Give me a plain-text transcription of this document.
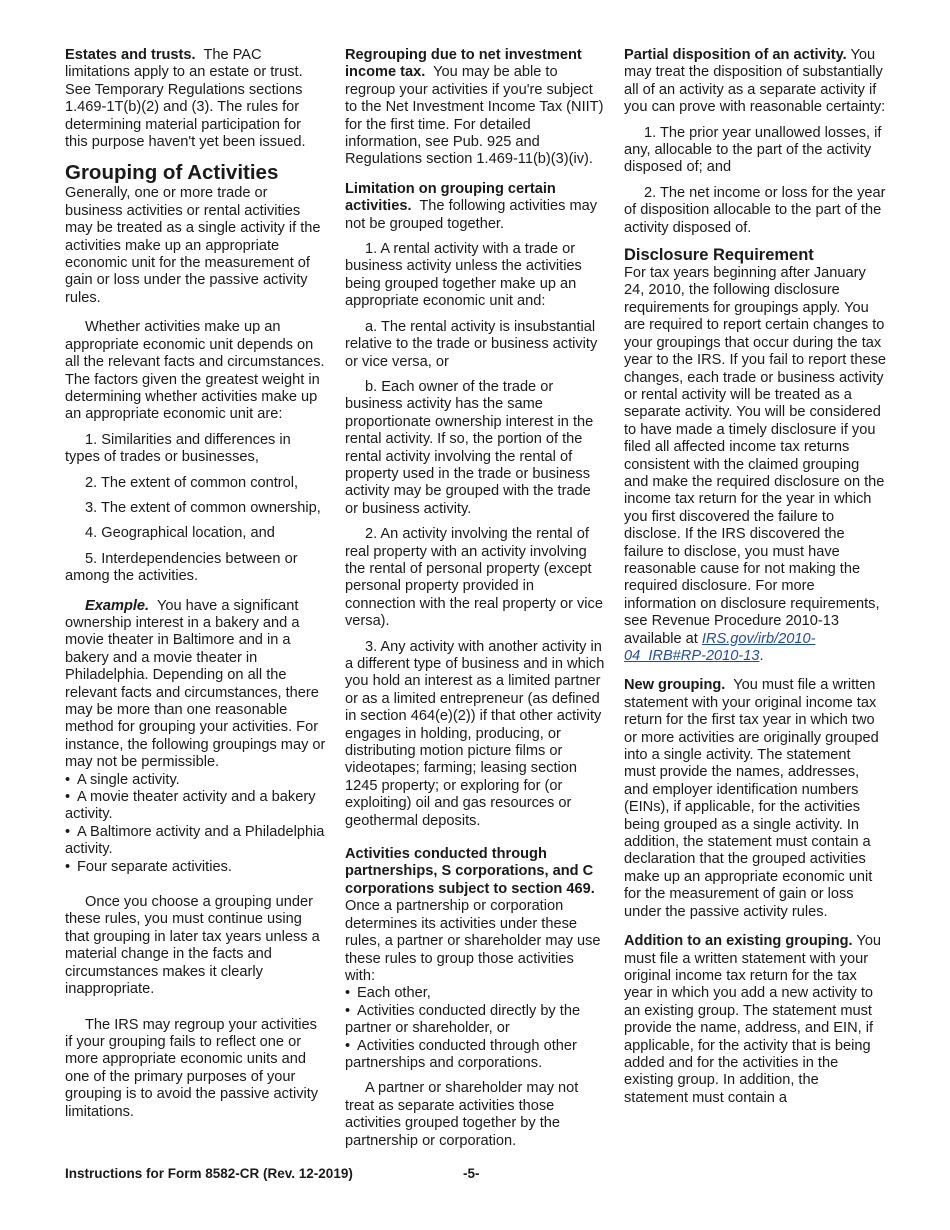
Estates and trusts. The PAC limitations apply to an estate or trust. See Temporary Regulations sections 1.469-1T(b)(2) and (3). The rules for determining material participation for this purpose haven't yet been issued.

Grouping of Activities

Generally, one or more trade or business activities or rental activities may be treated as a single activity if the activities make up an appropriate economic unit for the measurement of gain or loss under the passive activity rules.

Whether activities make up an appropriate economic unit depends on all the relevant facts and circumstances. The factors given the greatest weight in determining whether activities make up an appropriate economic unit are:

1. Similarities and differences in types of trades or businesses,

2. The extent of common control,

3. The extent of common ownership,

4. Geographical location, and

5. Interdependencies between or among the activities.

Example. You have a significant ownership interest in a bakery and a movie theater in Baltimore and in a bakery and a movie theater in Philadelphia. Depending on all the relevant facts and circumstances, there may be more than one reasonable method for grouping your activities. For instance, the following groupings may or may not be permissible.

• A single activity.
• A movie theater activity and a bakery activity.
• A Baltimore activity and a Philadelphia activity.
• Four separate activities.

Once you choose a grouping under these rules, you must continue using that grouping in later tax years unless a material change in the facts and circumstances makes it clearly inappropriate.

The IRS may regroup your activities if your grouping fails to reflect one or more appropriate economic units and one of the primary purposes of your grouping is to avoid the passive activity limitations.

Regrouping due to net investment income tax. You may be able to regroup your activities if you're subject to the Net Investment Income Tax (NIIT) for the first time. For detailed information, see Pub. 925 and Regulations section 1.469-11(b)(3)(iv).

Limitation on grouping certain activities. The following activities may not be grouped together.

1. A rental activity with a trade or business activity unless the activities being grouped together make up an appropriate economic unit and:

a. The rental activity is insubstantial relative to the trade or business activity or vice versa, or

b. Each owner of the trade or business activity has the same proportionate ownership interest in the rental activity. If so, the portion of the rental activity involving the rental of property used in the trade or business activity may be grouped with the trade or business activity.

2. An activity involving the rental of real property with an activity involving the rental of personal property (except personal property provided in connection with the real property or vice versa).

3. Any activity with another activity in a different type of business and in which you hold an interest as a limited partner or as a limited entrepreneur (as defined in section 464(e)(2)) if that other activity engages in holding, producing, or distributing motion picture films or videotapes; farming; leasing section 1245 property; or exploring for (or exploiting) oil and gas resources or geothermal deposits.

Activities conducted through partnerships, S corporations, and C corporations subject to section 469.  Once a partnership or corporation determines its activities under these rules, a partner or shareholder may use these rules to group those activities with:

• Each other,
• Activities conducted directly by the partner or shareholder, or
• Activities conducted through other partnerships and corporations.

A partner or shareholder may not treat as separate activities those activities grouped together by the partnership or corporation.

Partial disposition of an activity. You may treat the disposition of substantially all of an activity as a separate activity if you can prove with reasonable certainty:

1. The prior year unallowed losses, if any, allocable to the part of the activity disposed of; and

2. The net income or loss for the year of disposition allocable to the part of the activity disposed of.

Disclosure Requirement

For tax years beginning after January 24, 2010, the following disclosure requirements for groupings apply. You are required to report certain changes to your groupings that occur during the tax year to the IRS. If you fail to report these changes, each trade or business activity or rental activity will be treated as a separate activity. You will be considered to have made a timely disclosure if you filed all affected income tax returns consistent with the claimed grouping and make the required disclosure on the income tax return for the year in which you first discovered the failure to disclose. If the IRS discovered the failure to disclose, you must have reasonable cause for not making the required disclosure. For more information on disclosure requirements, see Revenue Procedure 2010-13 available at IRS.gov/irb/2010-04_IRB#RP-2010-13.

New grouping. You must file a written statement with your original income tax return for the first tax year in which two or more activities are originally grouped into a single activity. The statement must provide the names, addresses, and employer identification numbers (EINs), if applicable, for the activities being grouped as a single activity. In addition, the statement must contain a declaration that the grouped activities make up an appropriate economic unit for the measurement of gain or loss under the passive activity rules.

Addition to an existing grouping. You must file a written statement with your original income tax return for the tax year in which you add a new activity to an existing group. The statement must provide the name, address, and EIN, if applicable, for the activity that is being added and for the activities in the existing group. In addition, the statement must contain a

Instructions for Form 8582-CR (Rev. 12-2019)	-5-
